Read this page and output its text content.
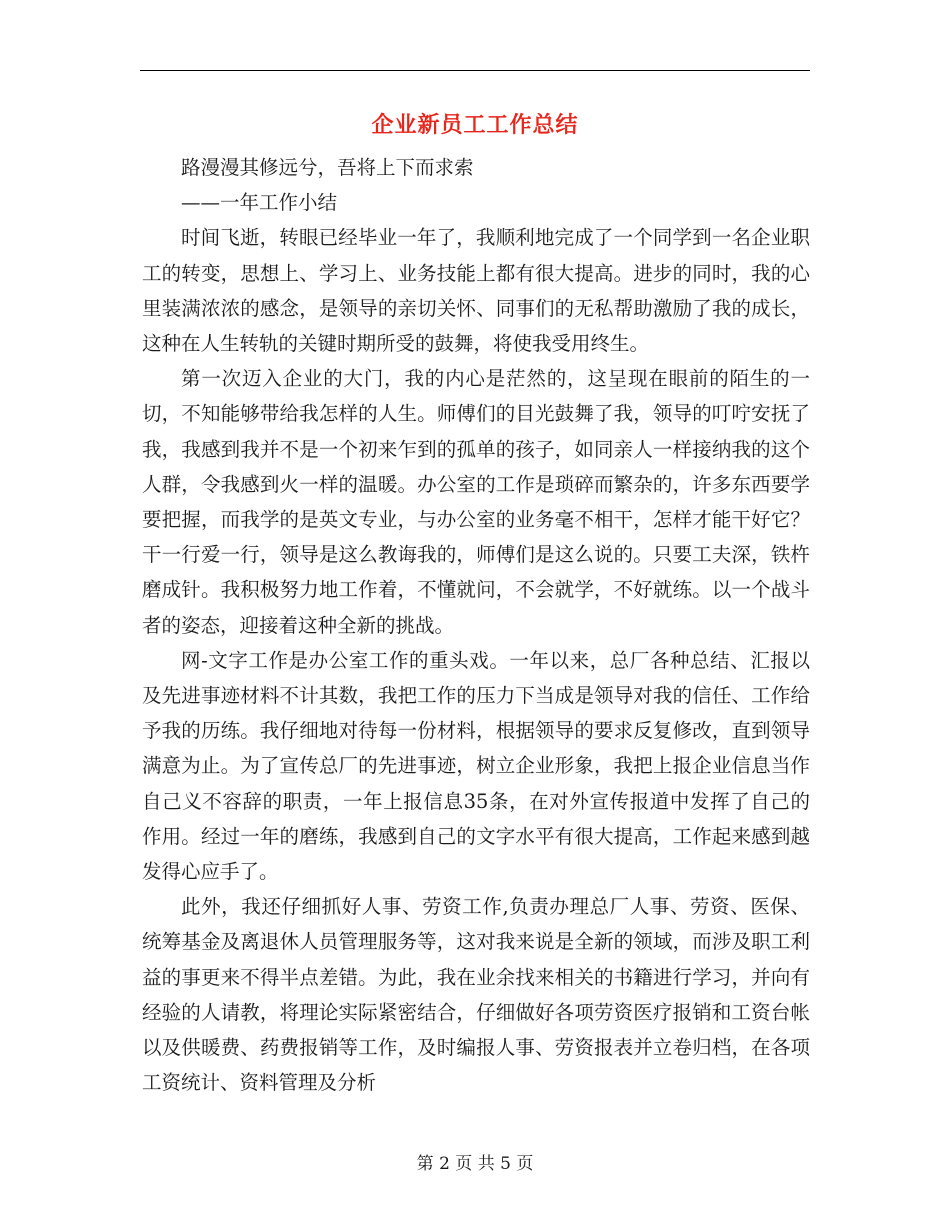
企业新员工工作总结

路漫漫其修远兮，吾将上下而求索

——一年工作小结

时间飞逝，转眼已经毕业一年了，我顺利地完成了一个同学到一名企业职工的转变，思想上、学习上、业务技能上都有很大提高。进步的同时，我的心里装满浓浓的感念，是领导的亲切关怀、同事们的无私帮助激励了我的成长，这种在人生转轨的关键时期所受的鼓舞，将使我受用终生。

第一次迈入企业的大门，我的内心是茫然的，这呈现在眼前的陌生的一切，不知能够带给我怎样的人生。师傅们的目光鼓舞了我，领导的叮咛安抚了我，我感到我并不是一个初来乍到的孤单的孩子，如同亲人一样接纳我的这个人群，令我感到火一样的温暖。办公室的工作是琐碎而繁杂的，许多东西要学要把握，而我学的是英文专业，与办公室的业务毫不相干，怎样才能干好它？干一行爱一行，领导是这么教诲我的，师傅们是这么说的。只要工夫深，铁杵磨成针。我积极努力地工作着，不懂就问，不会就学，不好就练。以一个战斗者的姿态，迎接着这种全新的挑战。

网-文字工作是办公室工作的重头戏。一年以来，总厂各种总结、汇报以及先进事迹材料不计其数，我把工作的压力下当成是领导对我的信任、工作给予我的历练。我仔细地对待每一份材料，根据领导的要求反复修改，直到领导满意为止。为了宣传总厂的先进事迹，树立企业形象，我把上报企业信息当作自己义不容辞的职责，一年上报信息35条，在对外宣传报道中发挥了自己的作用。经过一年的磨练，我感到自己的文字水平有很大提高，工作起来感到越发得心应手了。

此外，我还仔细抓好人事、劳资工作,负责办理总厂人事、劳资、医保、统筹基金及离退休人员管理服务等，这对我来说是全新的领域，而涉及职工利益的事更来不得半点差错。为此，我在业余找来相关的书籍进行学习，并向有经验的人请教，将理论实际紧密结合，仔细做好各项劳资医疗报销和工资台帐以及供暖费、药费报销等工作，及时编报人事、劳资报表并立卷归档，在各项工资统计、资料管理及分析

第 2 页 共 5 页
